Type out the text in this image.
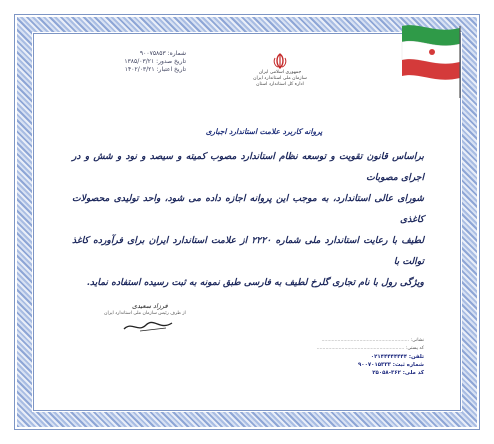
شماره: ۹۰۰۷۵۸۵۳
تاریخ صدور: ۱۳۸۵/۰۳/۲۱
تاریخ اعتبار: ۱۴۰۲/۰۳/۲۱	جمهوری اسلامی ایران
سازمان ملی استاندارد ایران
اداره کل استاندارد استان
پروانه کاربرد علامت استاندارد اجباری
براساس قانون تقویت و توسعه نظام استاندارد مصوب کمیته و سیصد و نود و شش و در اجرای مصوبات
شورای عالی استاندارد، به موجب این پروانه اجازه داده می شود، واحد تولیدی محصولات کاغذی
لطیف با رعایت استاندارد ملی شماره ۲۲۲۰ از علامت استاندارد ایران برای فرآورده کاغذ توالت با
ویژگی رول با نام تجاری گلرخ لطیف به فارسی طبق نمونه به ثبت رسیده استفاده نماید.
فرزاد سعیدی
از طرف رئیس سازمان ملی استاندارد ایران
نشانی: ............................................................
کد پستی: ............................................................
تلفن: ۰۲۱۴۴۴۴۴۴۴۴
شماره ثبت: ۹۰۰۷۰۱۵۳۳۳
کد ملی: ۳۶۲-۲۵۰۵۸
